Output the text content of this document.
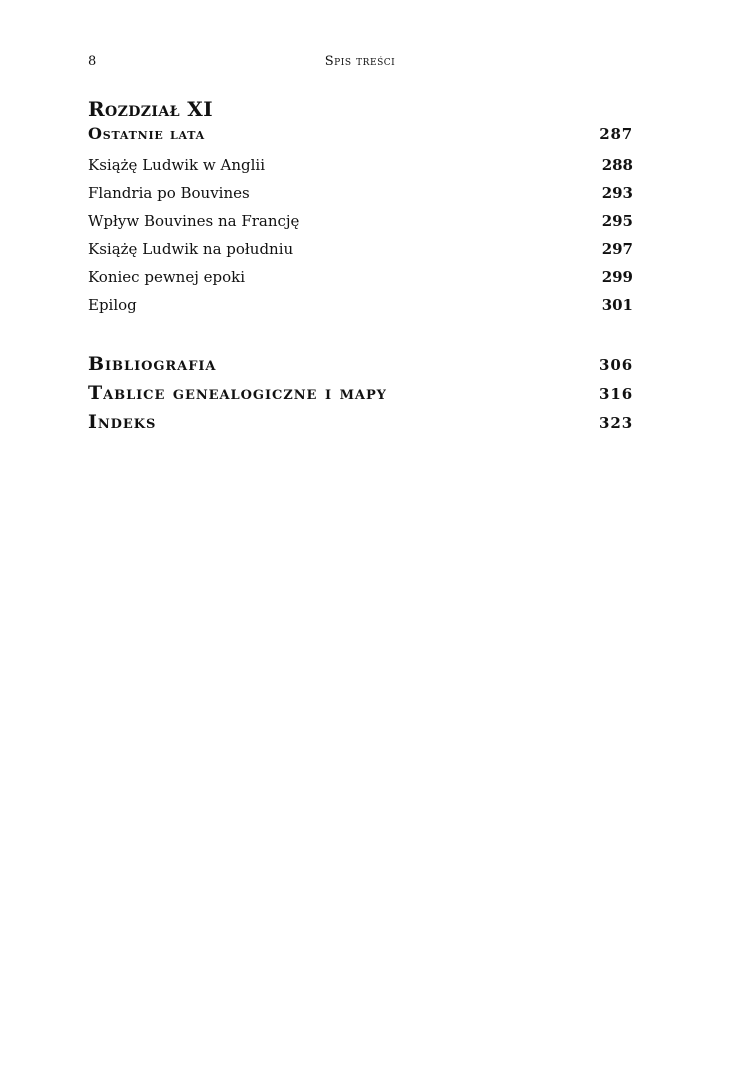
8	Spis treści
Rozdział XI
Ostatnie lata . . .	287
Książę Ludwik w Anglii . . .	288
Flandria po Bouvines . . .	293
Wpływ Bouvines na Francję . . .	295
Książę Ludwik na południu . . .	297
Koniec pewnej epoki . . .	299
Epilog . . .	301
Bibliografia . . .	306
Tablice genealogiczne i mapy . . .	316
Indeks . . .	323
